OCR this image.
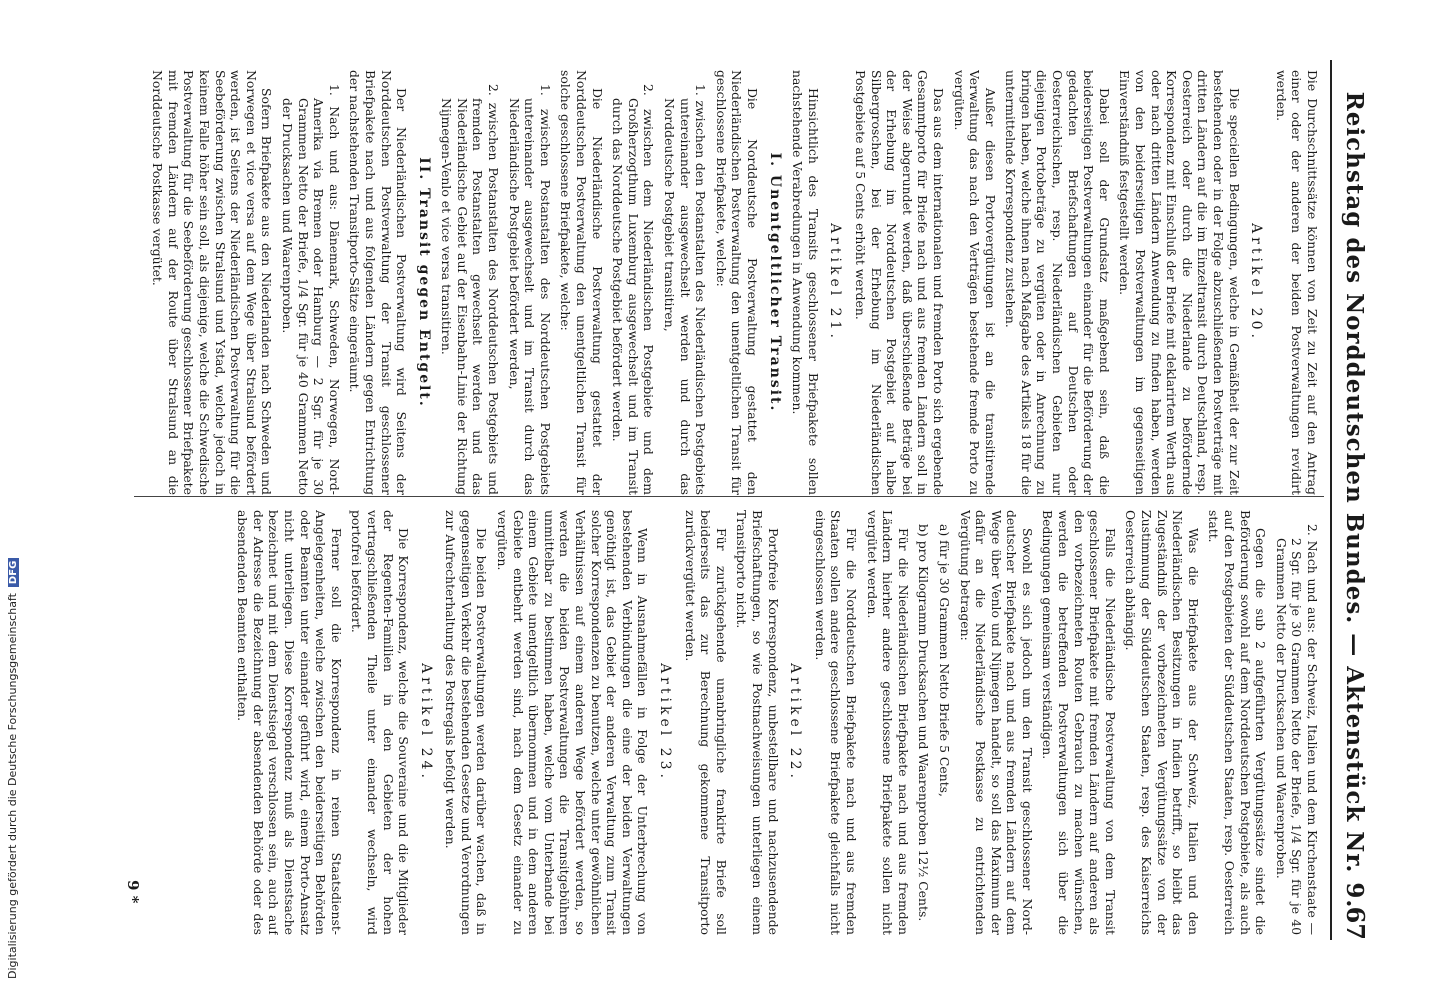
Reichstag des Norddeutschen Bundes. — Aktenstück Nr. 9.
67

Die Durchschnittssätze können von Zeit zu Zeit auf den Antrag einer oder der anderen der beiden Postverwaltungen revidirt werden.

Artikel 20.

Die speciellen Bedingungen, welche in Gemäßheit der zur Zeit bestehenden oder in der Folge abzuschließenden Postverträge mit dritten Ländern auf die im Einzeltransit durch Deutschland, resp. Oesterreich oder durch die Niederlande zu befördernde Korrespondenz mit Einschluß der Briefe mit deklarirtem Werth aus oder nach dritten Ländern Anwendung zu finden haben, werden von den beiderseitigen Postverwaltungen im gegenseitigen Einverständniß festgestellt werden.

Dabei soll der Grundsatz maßgebend sein, daß die beiderseitigen Postverwaltungen einander für die Beförderung der gedachten Briefschaftungen auf Deutschen oder Oesterreichischen, resp. Niederländischen Gebieten nur diejenigen Portobeträge zu vergüten oder in Anrechnung zu bringen haben, welche ihnen nach Maßgabe des Artikels 18 für die untermittelnde Korrespondenz zustehen.

Außer diesen Portovergütungen ist an die transitirende Verwaltung das nach den Verträgen bestehende fremde Porto zu vergüten.

Das aus dem internationalen und fremden Porto sich ergebende Gesammtporto für Briefe nach und aus fremden Ländern soll in der Weise abgerundet werden, daß überschießende Beträge bei der Erhebung im Norddeutschen Postgebiet auf halbe Silbergroschen, bei der Erhebung im Niederländischen Postgebiete auf 5 Cents erhöht werden.

Artikel 21.

Hinsichtlich des Transits geschlossener Briefpakete sollen nachstehende Verabredungen in Anwendung kommen.

I. Unentgeltlicher Transit.

Die Norddeutsche Postverwaltung gestattet den Niederländischen Postverwaltung den unentgeltlichen Transit für geschlossene Briefpakete, welche:

1. zwischen den Postanstalten des Niederländischen Postgebiets untereinander ausgewechselt werden und durch das Norddeutsche Postgebiet transitiren,

2. zwischen dem Niederländischen Postgebiete und dem Großherzogthum Luxemburg ausgewechselt und im Transit durch das Norddeutsche Postgebiet befördert werden.

Die Niederländische Postverwaltung gestattet der Norddeutschen Postverwaltung den unentgeltlichen Transit für solche geschlossene Briefpakete, welche:

1. zwischen Postanstalten des Norddeutschen Postgebiets untereinander ausgewechselt und im Transit durch das Niederländische Postgebiet befördert werden,

2. zwischen Postanstalten des Norddeutschen Postgebiets und fremden Postanstalten gewechselt werden und das Niederländische Gebiet auf der Eisenbahn-Linie der Richtung Nijmegen-Venlo et vice versa transitiren.

II. Transit gegen Entgelt.

Der Niederländischen Postverwaltung wird Seitens der Norddeutschen Postverwaltung der Transit geschlossener Briefpakete nach und aus folgenden Ländern gegen Entrichtung der nachstehenden Transitporto-Sätze eingeräumt.

1. Nach und aus: Dänemark, Schweden, Norwegen, Nord-Amerika via Bremen oder Hamburg — 2 Sgr. für je 30 Grammen Netto der Briefe, 1/4 Sgr. für je 40 Grammen Netto der Drucksachen und Waarenproben.

Sofern Briefpakete aus den Niederlanden nach Schweden und Norwegen et vice versa auf dem Wege über Stralsund befördert werden, ist Seitens der Niederländischen Postverwaltung für die Seebeförderung zwischen Stralsund und Ystad, welche jedoch in keinem Falle höher sein soll, als diejenige, welche die Schwedische Postverwaltung für die Seebeförderung geschlossener Briefpakete mit fremden Ländern auf der Route über Stralsund an die Norddeutsche Postkasse vergütet.

2. Nach und aus: der Schweiz, Italien und dem Kirchenstaate — 2 Sgr. für je 30 Grammen Netto der Briefe, 1/4 Sgr. für je 40 Grammen Netto der Drucksachen und Waarenproben.

Gegen die sub 2 aufgeführten Vergütungssätze sindet die Beförderung sowohl auf dem Norddeutschen Postgebiete, als auch auf den Postgebieten der Süddeutschen Staaten, resp. Oesterreich statt.

Was die Briefpakete aus der Schweiz, Italien und den Niederländischen Besitzungen in Indien betrifft, so bleibt das Zugeständniß der vorbezeichneten Vergütungssätze von der Zustimmung der Süddeutschen Staaten, resp. des Kaiserreichs Oesterreich abhängig.

Falls die Niederländische Postverwaltung von dem Transit geschlossener Briefpakete mit fremden Ländern auf anderen als den vorbezeichneten Routen Gebrauch zu machen wünschen, werden die betreffenden Postverwaltungen sich über die Bedingungen gemeinsam verständigen.

Sowohl es sich jedoch um den Transit geschlossener Norddeutscher Briefpakete nach und aus fremden Ländern auf dem Wege über Venlo und Nijmegen handelt, so soll das Maximum der dafür an die Niederländische Postkasse zu entrichtenden Vergütung betragen:

a) für je 30 Grammen Netto Briefe 5 Cents,

b) pro Kilogramm Drucksachen und Waarenproben 12½ Cents.

Für die Niederländischen Briefpakete nach und aus fremden Ländern hierher andere geschlossene Briefpakete sollen nicht vergütet werden.

Für die Norddeutschen Briefpakete nach und aus fremden Staaten sollen andere geschlossene Briefpakete gleichfalls nicht eingeschlossen werden.

Artikel 22.

Portofreie Korrespondenz, unbestellbare und nachzusendende Briefschaftungen, so wie Postnachweisungen unterliegen einem Transitporto nicht.

Für zurückgehende unanbringliche frankirte Briefe soll beiderseits das zur Berechnung gekommene Transitporto zurückvergütet werden.

Artikel 23.

Wenn in Ausnahmefällen in Folge der Unterbrechung von bestehenden Verbindungen die eine der beiden Verwaltungen genöthigt ist, das Gebiet der anderen Verwaltung zum Transit solcher Korrespondenzen zu benutzen, welche unter gewöhnlichen Verhältnissen auf einem anderen Wege befördert werden, so werden die beiden Postverwaltungen die Transitgebühren unmittelbar zu bestimmen haben, welche vom Unterbande bei einem Gebiete unentgeltlich übernommen und in dem anderen Gebiete entbehrt werden sind, nach dem Gesetz einander zu vergüten.

Die beiden Postverwaltungen werden darüber wachen, daß in gegenseitigen Verkehr die bestehenden Gesetze und Verordnungen zur Aufrechterhaltung des Postregals befolgt werden.

Artikel 24.

Die Korrespondenz, welche die Souveraine und die Mitglieder der Regenten-Familien in den Gebieten der hohen vertragschließenden Theile unter einander wechseln, wird portofrei befördert.

Ferner soll die Korrespondenz in reinen Staatsdienst-Angelegenheiten, welche zwischen den beiderseitigen Behörden oder Beamten unter einander geführt wird, einem Porto-Ansatz nicht unterliegen. Diese Korrespondenz muß als Dienstsache bezeichnet und mit dem Dienstsiegel verschlossen sein, auch auf der Adresse die Bezeichnung der absendenden Behörde oder des absendenden Beamten enthalten.

9 *
Digitalisierung gefördert durch die Deutsche ForschungsgemeinschaftDFG
